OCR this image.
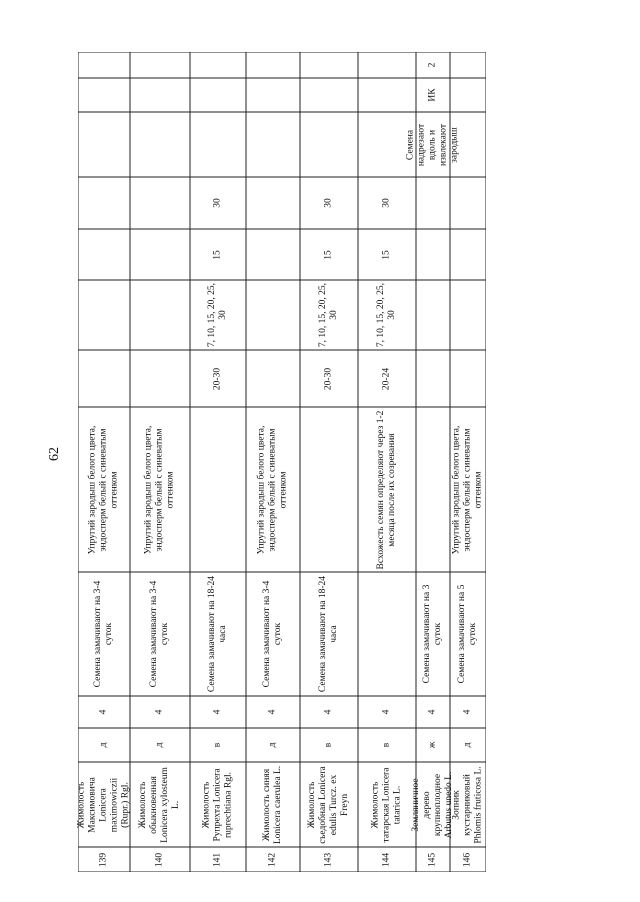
62
139
Жимолость Максимовича Lonicera maximowiczii (Rupr.) Rgl.
д
4
Семена замачивают на 3-4 суток
Упругий зародыш белого цвета, эндосперм белый с синеватым оттенком
140
Жимолость обыкновенная Lonicera xylosteum L.
д
4
Семена замачивают на 3-4 суток
Упругий зародыш белого цвета, эндосперм белый с синеватым оттенком
141
Жимолость Рупрехта Lonicera ruprechtiana Rgl.
в
4
Семена замачивают на 18-24 часа
20-30
7, 10, 15, 20, 25, 30
15
30
142
Жимолость синяя Lonicera caerulea L.
д
4
Семена замачивают на 3-4 суток
Упругий зародыш белого цвета, эндосперм белый с синеватым оттенком
143
Жимолость съедобная Lonicera edulis Turcz. ex Freyn
в
4
Семена замачивают на 18-24 часа
20-30
7, 10, 15, 20, 25, 30
15
30
144
Жимолость татарская Lonicera tatarica L.
в
4
Всхожесть семян определяют через 1-2 месяца после их созревания
20-24
7, 10, 15, 20, 25, 30
15
30
145
Земляничное дерево крупноплодное Arbutus unedo L.
ж
4
Семена замачивают на 3 суток
Семена надрезают вдоль и извлекают зародыш
ИК
2
146
Зопник кустарниковый Phlomis fruticosa L.
д
4
Семена замачивают на 5 суток
Упругий зародыш белого цвета, эндосперм белый с синеватым оттенком
